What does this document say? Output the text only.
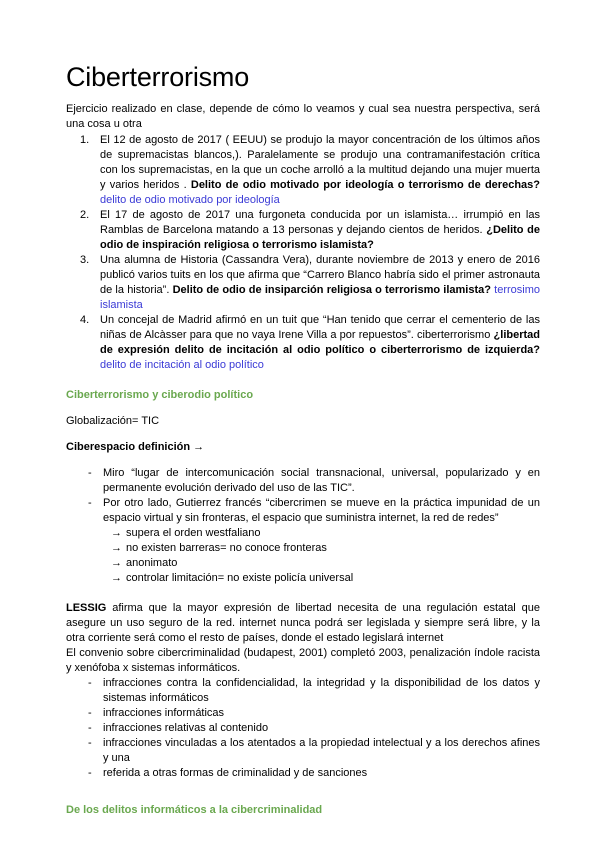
Ciberterrorismo

Ejercicio realizado en clase, depende de cómo lo veamos y cual sea nuestra perspectiva, será una cosa u otra

El 12 de agosto de 2017 ( EEUU) se produjo la mayor concentración de los últimos años de supremacistas blancos,). Paralelamente se produjo una contramanifestación crítica con los supremacistas, en la que un coche arrolló a la multitud dejando una mujer muerta y varios heridos . Delito de odio motivado por ideología o terrorismo de derechas? delito de odio motivado por ideología
El 17 de agosto de 2017 una furgoneta conducida por un islamista… irrumpió en las Ramblas de Barcelona matando a 13 personas y dejando cientos de heridos. ¿Delito de odio de inspiración religiosa o terrorismo islamista?
Una alumna de Historia (Cassandra Vera), durante noviembre de 2013 y enero de 2016 publicó varios tuits en los que afirma que “Carrero Blanco habría sido el primer astronauta de la historia”. Delito de odio de insiparción religiosa o terrorismo ilamista? terrosimo islamista
Un concejal de Madrid afirmó en un tuit que “Han tenido que cerrar el cementerio de las niñas de Alcàsser para que no vaya Irene Villa a por repuestos”. ciberterrorismo ¿libertad de expresión delito de incitación al odio político o ciberterrorismo de izquierda? delito de incitación al odio político

Ciberterrorismo y ciberodio político

Globalización= TIC

Ciberespacio definición →

- Miro “lugar de intercomunicación social transnacional, universal, popularizado y en permanente evolución derivado del uso de las TIC”.
- Por otro lado, Gutierrez francés “cibercrimen se mueve en la práctica impunidad de un espacio virtual y sin fronteras, el espacio que suministra internet, la red de redes”
→ supera el orden westfaliano
→ no existen barreras= no conoce fronteras
→ anonimato
→ controlar limitación= no existe policía universal

LESSIG afirma que la mayor expresión de libertad necesita de una regulación estatal que asegure un uso seguro de la red. internet nunca podrá ser legislada y siempre será libre, y la otra corriente será como el resto de países, donde el estado legislará internet

El convenio sobre cibercriminalidad (budapest, 2001) completó 2003, penalización índole racista y xenófoba x sistemas informáticos.

- infracciones contra la confidencialidad, la integridad y la disponibilidad de los datos y sistemas informáticos
- infracciones informáticas
- infracciones relativas al contenido
- infracciones vinculadas a los atentados a la propiedad intelectual y a los derechos afines y una
- referida a otras formas de criminalidad y de sanciones

De los delitos informáticos a la cibercriminalidad
